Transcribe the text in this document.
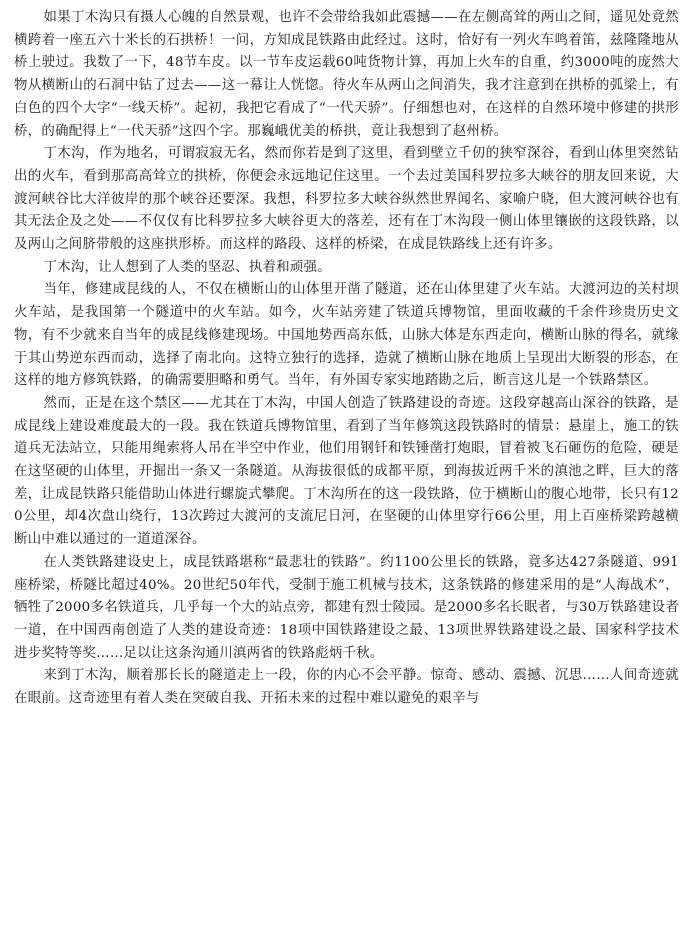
如果丁木沟只有摄人心魄的自然景观，也许不会带给我如此震撼——在左侧高耸的两山之间，遥见处竟然横跨着一座五六十米长的石拱桥！一问，方知成昆铁路由此经过。这时，恰好有一列火车鸣着笛，兹隆隆地从桥上驶过。我数了一下，48节车皮。以一节车皮运载60吨货物计算，再加上火车的自重，约3000吨的庞然大物从横断山的石洞中钻了过去——这一幕让人恍惚。待火车从两山之间消失，我才注意到在拱桥的弧梁上，有白色的四个大字“一线天桥”。起初，我把它看成了“一代天骄”。仔细想也对，在这样的自然环境中修建的拱形桥，的确配得上“一代天骄”这四个字。那巍峨优美的桥拱，竟让我想到了赵州桥。

丁木沟，作为地名，可谓寂寂无名，然而你若是到了这里，看到壁立千仞的狭窄深谷，看到山体里突然钻出的火车，看到那高高耸立的拱桥，你便会永远地记住这里。一个去过美国科罗拉多大峡谷的朋友回来说，大渡河峡谷比大洋彼岸的那个峡谷还要深。我想，科罗拉多大峡谷纵然世界闻名、家喻户晓，但大渡河峡谷也有其无法企及之处——不仅仅有比科罗拉多大峡谷更大的落差，还有在丁木沟段一侧山体里镶嵌的这段铁路，以及两山之间脐带般的这座拱形桥。而这样的路段、这样的桥梁，在成昆铁路线上还有许多。

丁木沟，让人想到了人类的坚忍、执着和顽强。

当年，修建成昆线的人，不仅在横断山的山体里开凿了隧道，还在山体里建了火车站。大渡河边的关村坝火车站，是我国第一个隧道中的火车站。如今，火车站旁建了铁道兵博物馆，里面收藏的千余件珍贵历史文物，有不少就来自当年的成昆线修建现场。中国地势西高东低，山脉大体是东西走向，横断山脉的得名，就缘于其山势逆东西而动，选择了南北向。这特立独行的选择，造就了横断山脉在地质上呈现出大断裂的形态，在这样的地方修筑铁路，的确需要胆略和勇气。当年，有外国专家实地踏勘之后，断言这儿是一个铁路禁区。

然而，正是在这个禁区——尤其在丁木沟，中国人创造了铁路建设的奇迹。这段穿越高山深谷的铁路，是成昆线上建设难度最大的一段。我在铁道兵博物馆里，看到了当年修筑这段铁路时的情景：悬崖上，施工的铁道兵无法站立，只能用绳索将人吊在半空中作业，他们用钢钎和铁锤凿打炮眼，冒着被飞石砸伤的危险，硬是在这坚硬的山体里，开掘出一条又一条隧道。从海拔很低的成都平原，到海拔近两千米的滇池之畔，巨大的落差，让成昆铁路只能借助山体进行螺旋式攀爬。丁木沟所在的这一段铁路，位于横断山的腹心地带，长只有120公里，却4次盘山绕行，13次跨过大渡河的支流尼日河，在坚硬的山体里穿行66公里，用上百座桥梁跨越横断山中难以通过的一道道深谷。

在人类铁路建设史上，成昆铁路堪称“最悲壮的铁路”。约1100公里长的铁路，竟多达427条隧道、991座桥梁，桥隧比超过40%。20世纪50年代，受制于施工机械与技术，这条铁路的修建采用的是“人海战术”，牺牲了2000多名铁道兵，几乎每一个大的站点旁，都建有烈士陵园。是2000多名长眠者，与30万铁路建设者一道，在中国西南创造了人类的建设奇迹：18项中国铁路建设之最、13项世界铁路建设之最、国家科学技术进步奖特等奖……足以让这条沟通川滇两省的铁路彪炳千秋。

来到丁木沟，顺着那长长的隧道走上一段，你的内心不会平静。惊奇、感动、震撼、沉思……人间奇迹就在眼前。这奇迹里有着人类在突破自我、开拓未来的过程中难以避免的艰辛与
